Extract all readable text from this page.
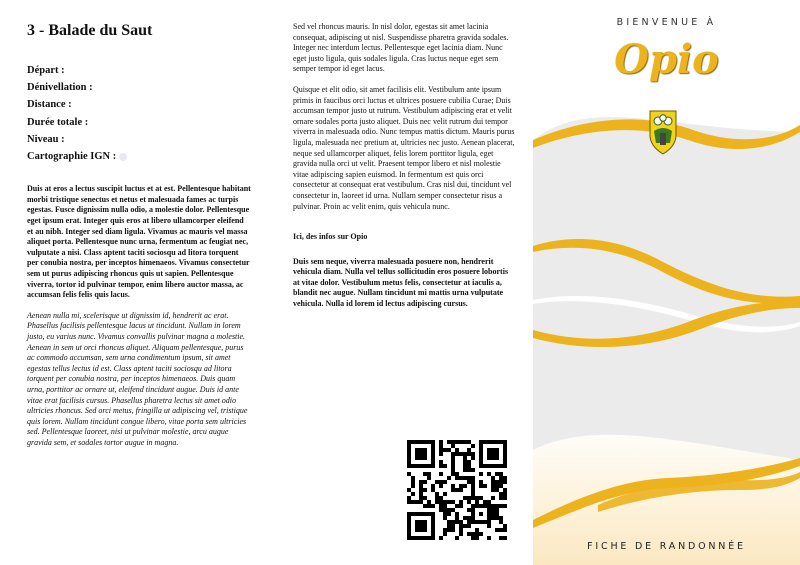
3 - Balade du Saut
Départ :
Dénivellation :
Distance :
Durée totale :
Niveau :
Cartographie IGN :

Duis at eros a lectus suscipit luctus et at est. Pellentesque habitant morbi tristique senectus et netus et malesuada fames ac turpis egestas. Fusce dignissim nulla odio, a molestie dolor. Pellentesque eget ipsum erat. Integer quis eros at libero ullamcorper eleifend et au nibh. Integer sed diam ligula. Vivamus ac mauris vel massa aliquet porta. Pellentesque nunc urna, fermentum ac feugiat nec, vulputate a nisi. Class aptent taciti sociosqu ad litora torquent per conubia nostra, per inceptos himenaeos. Vivamus consectetur sem ut purus adipiscing rhoncus quis ut sapien. Pellentesque viverra, tortor id pulvinar tempor, enim libero auctor massa, ac accumsan felis felis quis lacus.

Aenean nulla mi, scelerisque ut dignissim id, hendrerit ac erat. Phasellus facilisis pellentesque lacus ut tincidunt. Nullam in lorem justo, eu varius nunc. Vivamus convallis pulvinar magna a molestie. Aenean in sem ut orci rhoncus aliquet. Aliquam pellentesque, purus ac commodo accumsan, sem urna condimentum ipsum, sit amet egestas tellus lectus id est. Class aptent taciti sociosqu ad litora torquent per conubia nostra, per inceptos himenaeos. Duis quam urna, porttitor ac ornare ut, eleifend tincidunt augue. Duis id ante vitae erat facilisis cursus. Phasellus pharetra lectus sit amet odio ultricies rhoncus. Sed orci metus, fringilla ut adipiscing vel, tristique quis lorem. Nullam tincidunt congue libero, vitae porta sem ultricies sed. Pellentesque laoreet, nisi ut pulvinar molestie, arcu augue gravida sem, et sodales tortor augue in magna.

Sed vel rhoncus mauris. In nisl dolor, egestas sit amet lacinia consequat, adipiscing ut nisl. Suspendisse pharetra gravida sodales. Integer nec interdum lectus. Pellentesque eget lacinia diam. Nunc eget justo ligula, quis sodales ligula. Cras luctus neque eget sem semper tempor id eget lacus.

Quisque et elit odio, sit amet facilisis elit. Vestibulum ante ipsum primis in faucibus orci luctus et ultrices posuere cubilia Curae; Duis accumsan tempor justo ut rutrum. Vestibulum adipiscing erat et velit ornare sodales porta justo aliquet. Duis nec velit rutrum dui tempor viverra in malesuada odio. Nunc tempus mattis dictum. Mauris purus ligula, malesuada nec pretium at, ultricies nec justo. Aenean placerat, neque sed ullamcorper aliquet, felis lorem porttitor ligula, eget gravida nulla orci ut velit. Praesent tempor libero et nisl molestie vitae adipiscing sapien euismod. In fermentum est quis orci consectetur at consequat erat vestibulum. Cras nisl dui, tincidunt vel consectetur in, laoreet id urna. Nullam semper consectetur risus a pulvinar. Proin ac velit enim, quis vehicula nunc.

Ici, des infos sur Opio

Duis sem neque, viverra malesuada posuere non, hendrerit vehicula diam. Nulla vel tellus sollicitudin eros posuere lobortis at vitae dolor. Vestibulum metus felis, consectetur at iaculis a, blandit nec augue. Nullam tincidunt mi mattis urna vulputate vehicula. Nulla id lorem id lectus adipiscing cursus.

BIENVENUE À
Opio
FICHE DE RANDONNÉE
